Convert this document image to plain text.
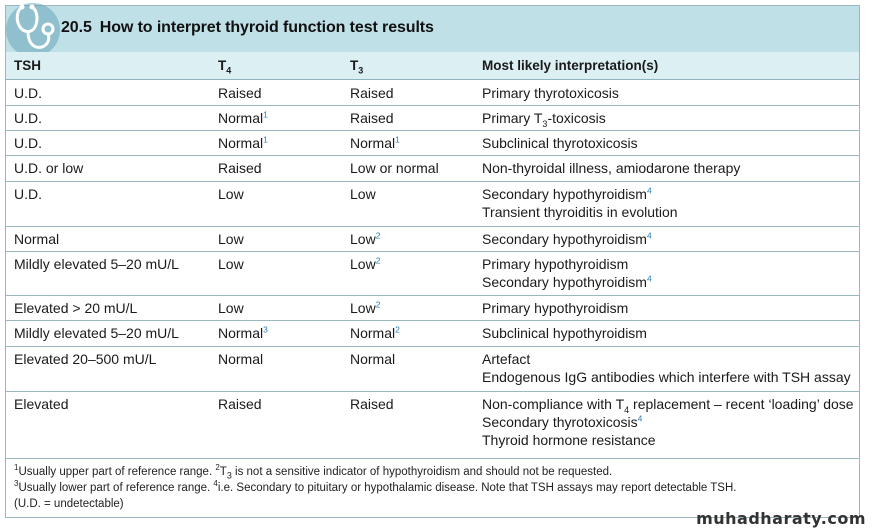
20.5 How to interpret thyroid function test results
TSH	$T_4$	$T_3$	Most likely interpretation(s)
U.D.	Raised	Raised	Primary thyrotoxicosis
U.D.	Normal$^1$	Raised	Primary $T_3$-toxicosis
U.D.	Normal$^1$	Normal$^1$	Subclinical thyrotoxicosis
U.D. or low	Raised	Low or normal	Non-thyroidal illness, amiodarone therapy
U.D.	Low	Low	Secondary hypothyroidism$^4$
Transient thyroiditis in evolution
Normal	Low	Low$^2$	Secondary hypothyroidism$^4$
Mildly elevated 5–20 mU/L	Low	Low$^2$	Primary hypothyroidism
Secondary hypothyroidism$^4$
Elevated > 20 mU/L	Low	Low$^2$	Primary hypothyroidism
Mildly elevated 5–20 mU/L	Normal$^3$	Normal$^2$	Subclinical hypothyroidism
Elevated 20–500 mU/L	Normal	Normal	Artefact
Endogenous IgG antibodies which interfere with TSH assay
Elevated	Raised	Raised	Non-compliance with $T_4$ replacement – recent ‘loading’ dose
Secondary thyrotoxicosis$^4$
Thyroid hormone resistance
$^1$Usually upper part of reference range. $^2T_3$ is not a sensitive indicator of hypothyroidism and should not be requested.
$^3$Usually lower part of reference range. $^4$i.e. Secondary to pituitary or hypothalamic disease. Note that TSH assays may report detectable TSH.
(U.D. = undetectable)
muhadharaty.com
